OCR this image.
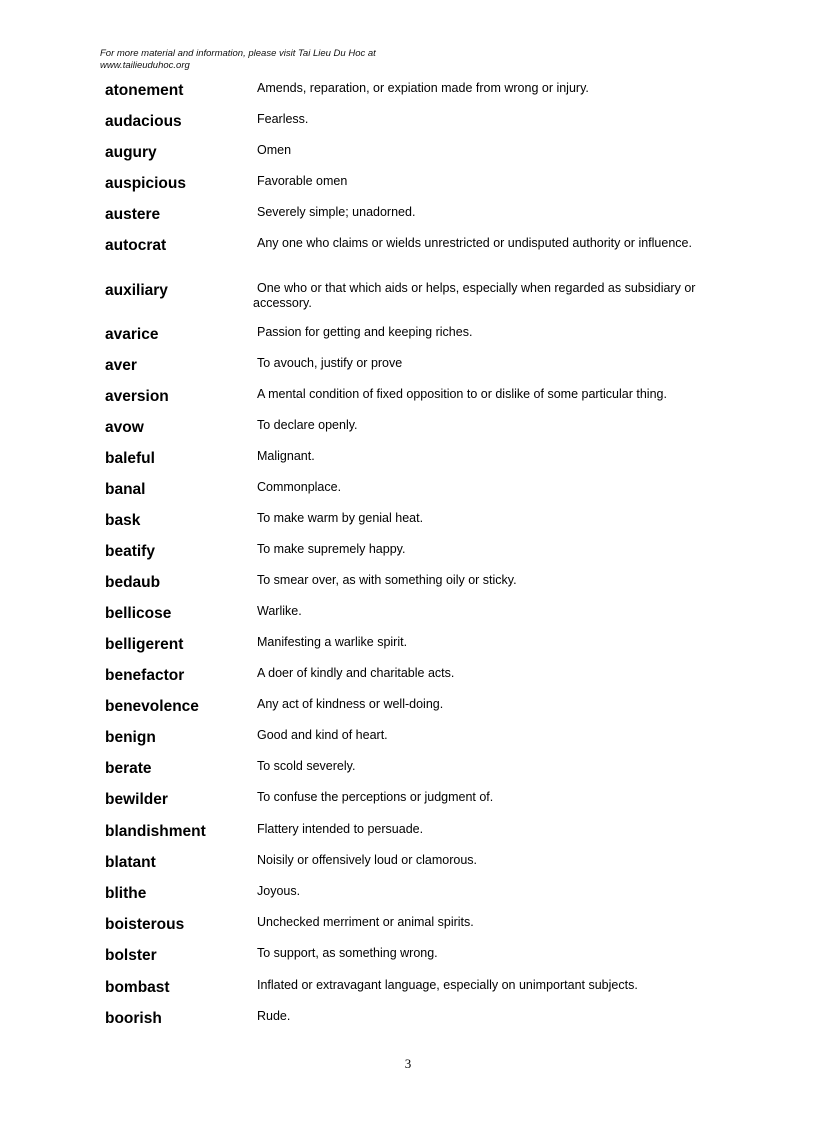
For more material and information, please visit Tai Lieu Du Hoc at
www.tailieuduhoc.org
atonement	Amends, reparation, or expiation made from wrong or injury.
audacious	Fearless.
augury	Omen
auspicious	Favorable omen
austere	Severely simple; unadorned.
autocrat	Any one who claims or wields unrestricted or undisputed authority or influence.
auxiliary	One who or that which aids or helps, especially when regarded as subsidiary or accessory.
avarice	Passion for getting and keeping riches.
aver	To avouch, justify or prove
aversion	A mental condition of fixed opposition to or dislike of some particular thing.
avow	To declare openly.
baleful	Malignant.
banal	Commonplace.
bask	To make warm by genial heat.
beatify	To make supremely happy.
bedaub	To smear over, as with something oily or sticky.
bellicose	Warlike.
belligerent	Manifesting a warlike spirit.
benefactor	A doer of kindly and charitable acts.
benevolence	Any act of kindness or well-doing.
benign	Good and kind of heart.
berate	To scold severely.
bewilder	To confuse the perceptions or judgment of.
blandishment	Flattery intended to persuade.
blatant	Noisily or offensively loud or clamorous.
blithe	Joyous.
boisterous	Unchecked merriment or animal spirits.
bolster	To support, as something wrong.
bombast	Inflated or extravagant language, especially on unimportant subjects.
boorish	Rude.
3
